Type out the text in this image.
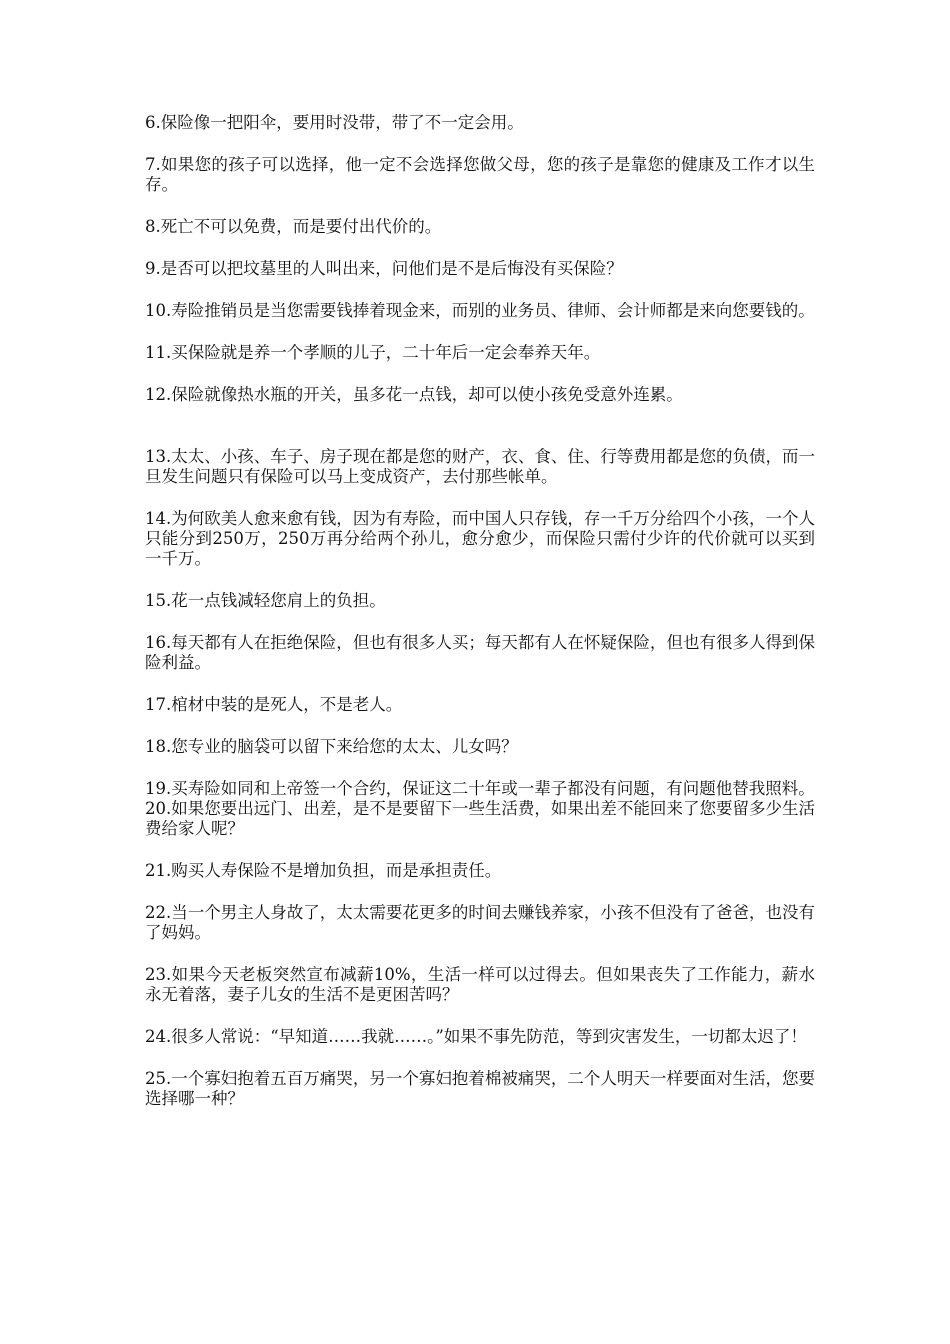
6.保险像一把阳伞，要用时没带，带了不一定会用。

7.如果您的孩子可以选择，他一定不会选择您做父母，您的孩子是靠您的健康及工作才以生存。

8.死亡不可以免费，而是要付出代价的。

9.是否可以把坟墓里的人叫出来，问他们是不是后悔没有买保险？

10.寿险推销员是当您需要钱捧着现金来，而别的业务员、律师、会计师都是来向您要钱的。

11.买保险就是养一个孝顺的儿子，二十年后一定会奉养天年。

12.保险就像热水瓶的开关，虽多花一点钱，却可以使小孩免受意外连累。

13.太太、小孩、车子、房子现在都是您的财产，衣、食、住、行等费用都是您的负债，而一旦发生问题只有保险可以马上变成资产，去付那些帐单。

14.为何欧美人愈来愈有钱，因为有寿险，而中国人只存钱，存一千万分给四个小孩，一个人只能分到250万，250万再分给两个孙儿，愈分愈少，而保险只需付少许的代价就可以买到一千万。

15.花一点钱减轻您肩上的负担。

16.每天都有人在拒绝保险，但也有很多人买；每天都有人在怀疑保险，但也有很多人得到保险利益。

17.棺材中装的是死人，不是老人。

18.您专业的脑袋可以留下来给您的太太、儿女吗？

19.买寿险如同和上帝签一个合约，保证这二十年或一辈子都没有问题，有问题他替我照料。

20.如果您要出远门、出差，是不是要留下一些生活费，如果出差不能回来了您要留多少生活费给家人呢？

21.购买人寿保险不是增加负担，而是承担责任。

22.当一个男主人身故了，太太需要花更多的时间去赚钱养家，小孩不但没有了爸爸，也没有了妈妈。

23.如果今天老板突然宣布减薪10%，生活一样可以过得去。但如果丧失了工作能力，薪水永无着落，妻子儿女的生活不是更困苦吗？

24.很多人常说：“早知道……我就……。”如果不事先防范，等到灾害发生，一切都太迟了！

25.一个寡妇抱着五百万痛哭，另一个寡妇抱着棉被痛哭，二个人明天一样要面对生活，您要选择哪一种？
